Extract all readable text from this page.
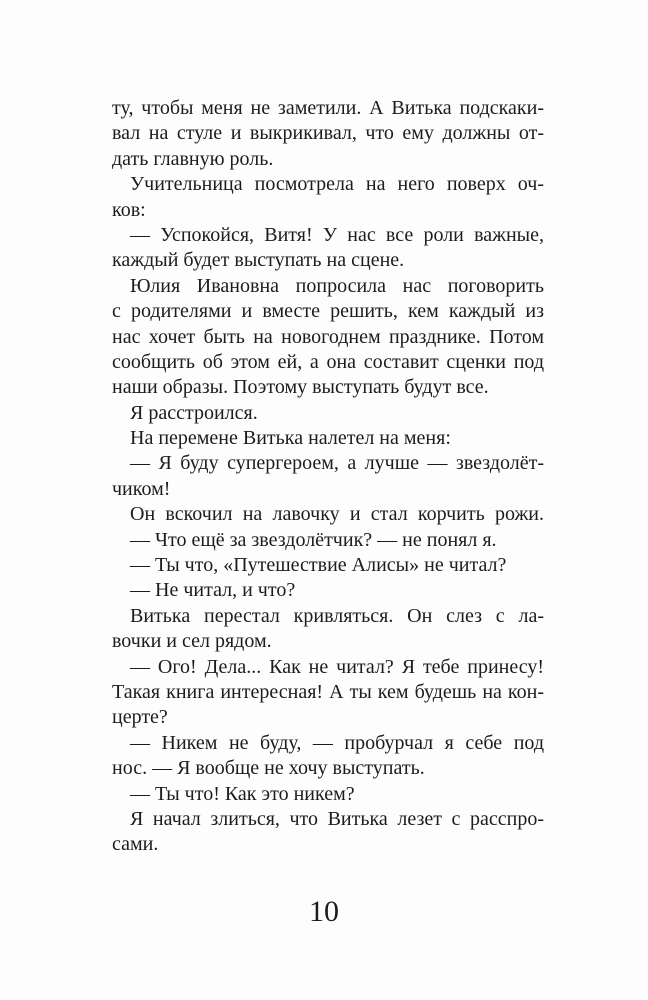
ту, чтобы меня не заметили. А Витька подскаки-
вал на стуле и выкрикивал, что ему должны от-
дать главную роль.
Учительница посмотрела на него поверх оч-
ков:
— Успокойся, Витя! У нас все роли важные,
каждый будет выступать на сцене.
Юлия Ивановна попросила нас поговорить
с родителями и вместе решить, кем каждый из
нас хочет быть на новогоднем празднике. Потом
сообщить об этом ей, а она составит сценки под
наши образы. Поэтому выступать будут все.
Я расстроился.
На перемене Витька налетел на меня:
— Я буду супергероем, а лучше — звездолёт-
чиком!
Он вскочил на лавочку и стал корчить рожи.
— Что ещё за звездолётчик? — не понял я.
— Ты что, «Путешествие Алисы» не читал?
— Не читал, и что?
Витька перестал кривляться. Он слез с ла-
вочки и сел рядом.
— Ого! Дела... Как не читал? Я тебе принесу!
Такая книга интересная! А ты кем будешь на кон-
церте?
— Никем не буду, — пробурчал я себе под
нос. — Я вообще не хочу выступать.
— Ты что! Как это никем?
Я начал злиться, что Витька лезет с расспро-
сами.
10
